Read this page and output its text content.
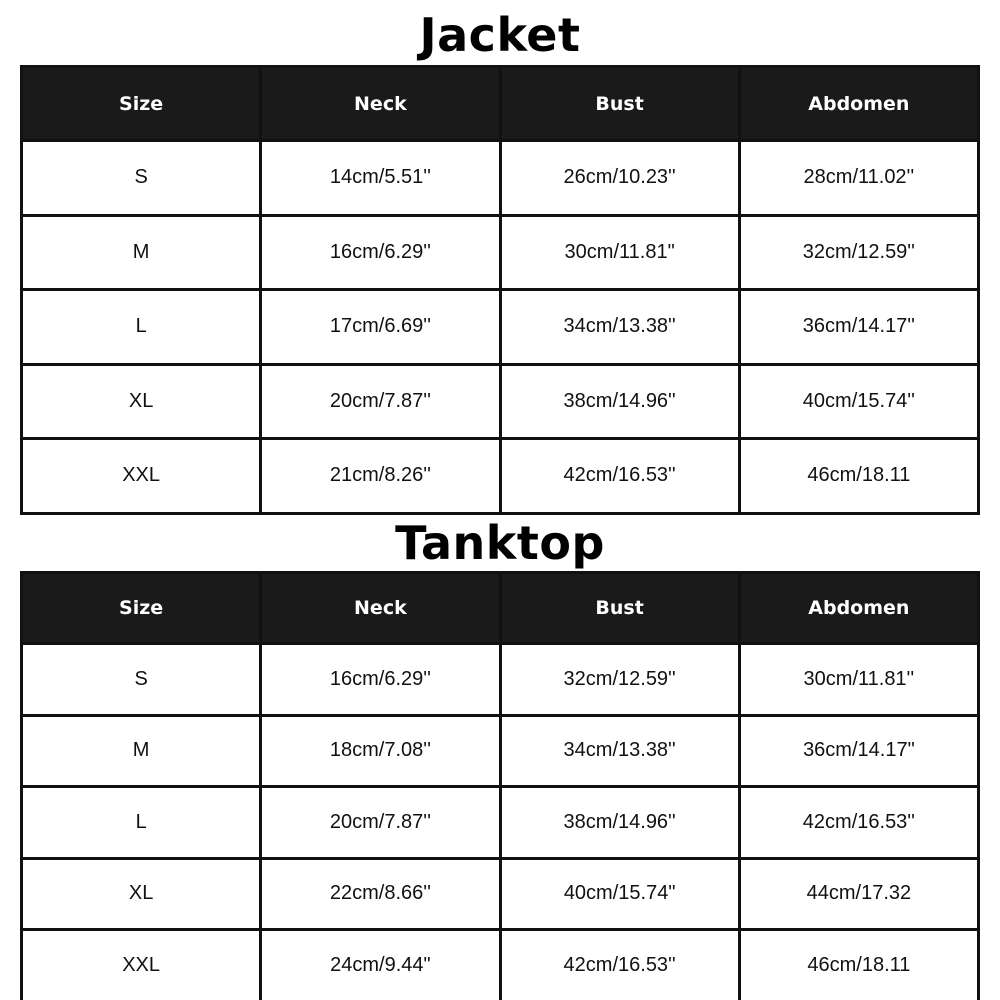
Jacket
Size	Neck	Bust	Abdomen
S	14cm/5.51''	26cm/10.23''	28cm/11.02''
M	16cm/6.29''	30cm/11.81"	32cm/12.59''
L	17cm/6.69''	34cm/13.38''	36cm/14.17''
XL	20cm/7.87''	38cm/14.96''	40cm/15.74''
XXL	21cm/8.26''	42cm/16.53''	46cm/18.11
Tanktop
Size	Neck	Bust	Abdomen
S	16cm/6.29''	32cm/12.59''	30cm/11.81''
M	18cm/7.08''	34cm/13.38''	36cm/14.17"
L	20cm/7.87''	38cm/14.96''	42cm/16.53''
XL	22cm/8.66''	40cm/15.74"	44cm/17.32
XXL	24cm/9.44"	42cm/16.53''	46cm/18.11
